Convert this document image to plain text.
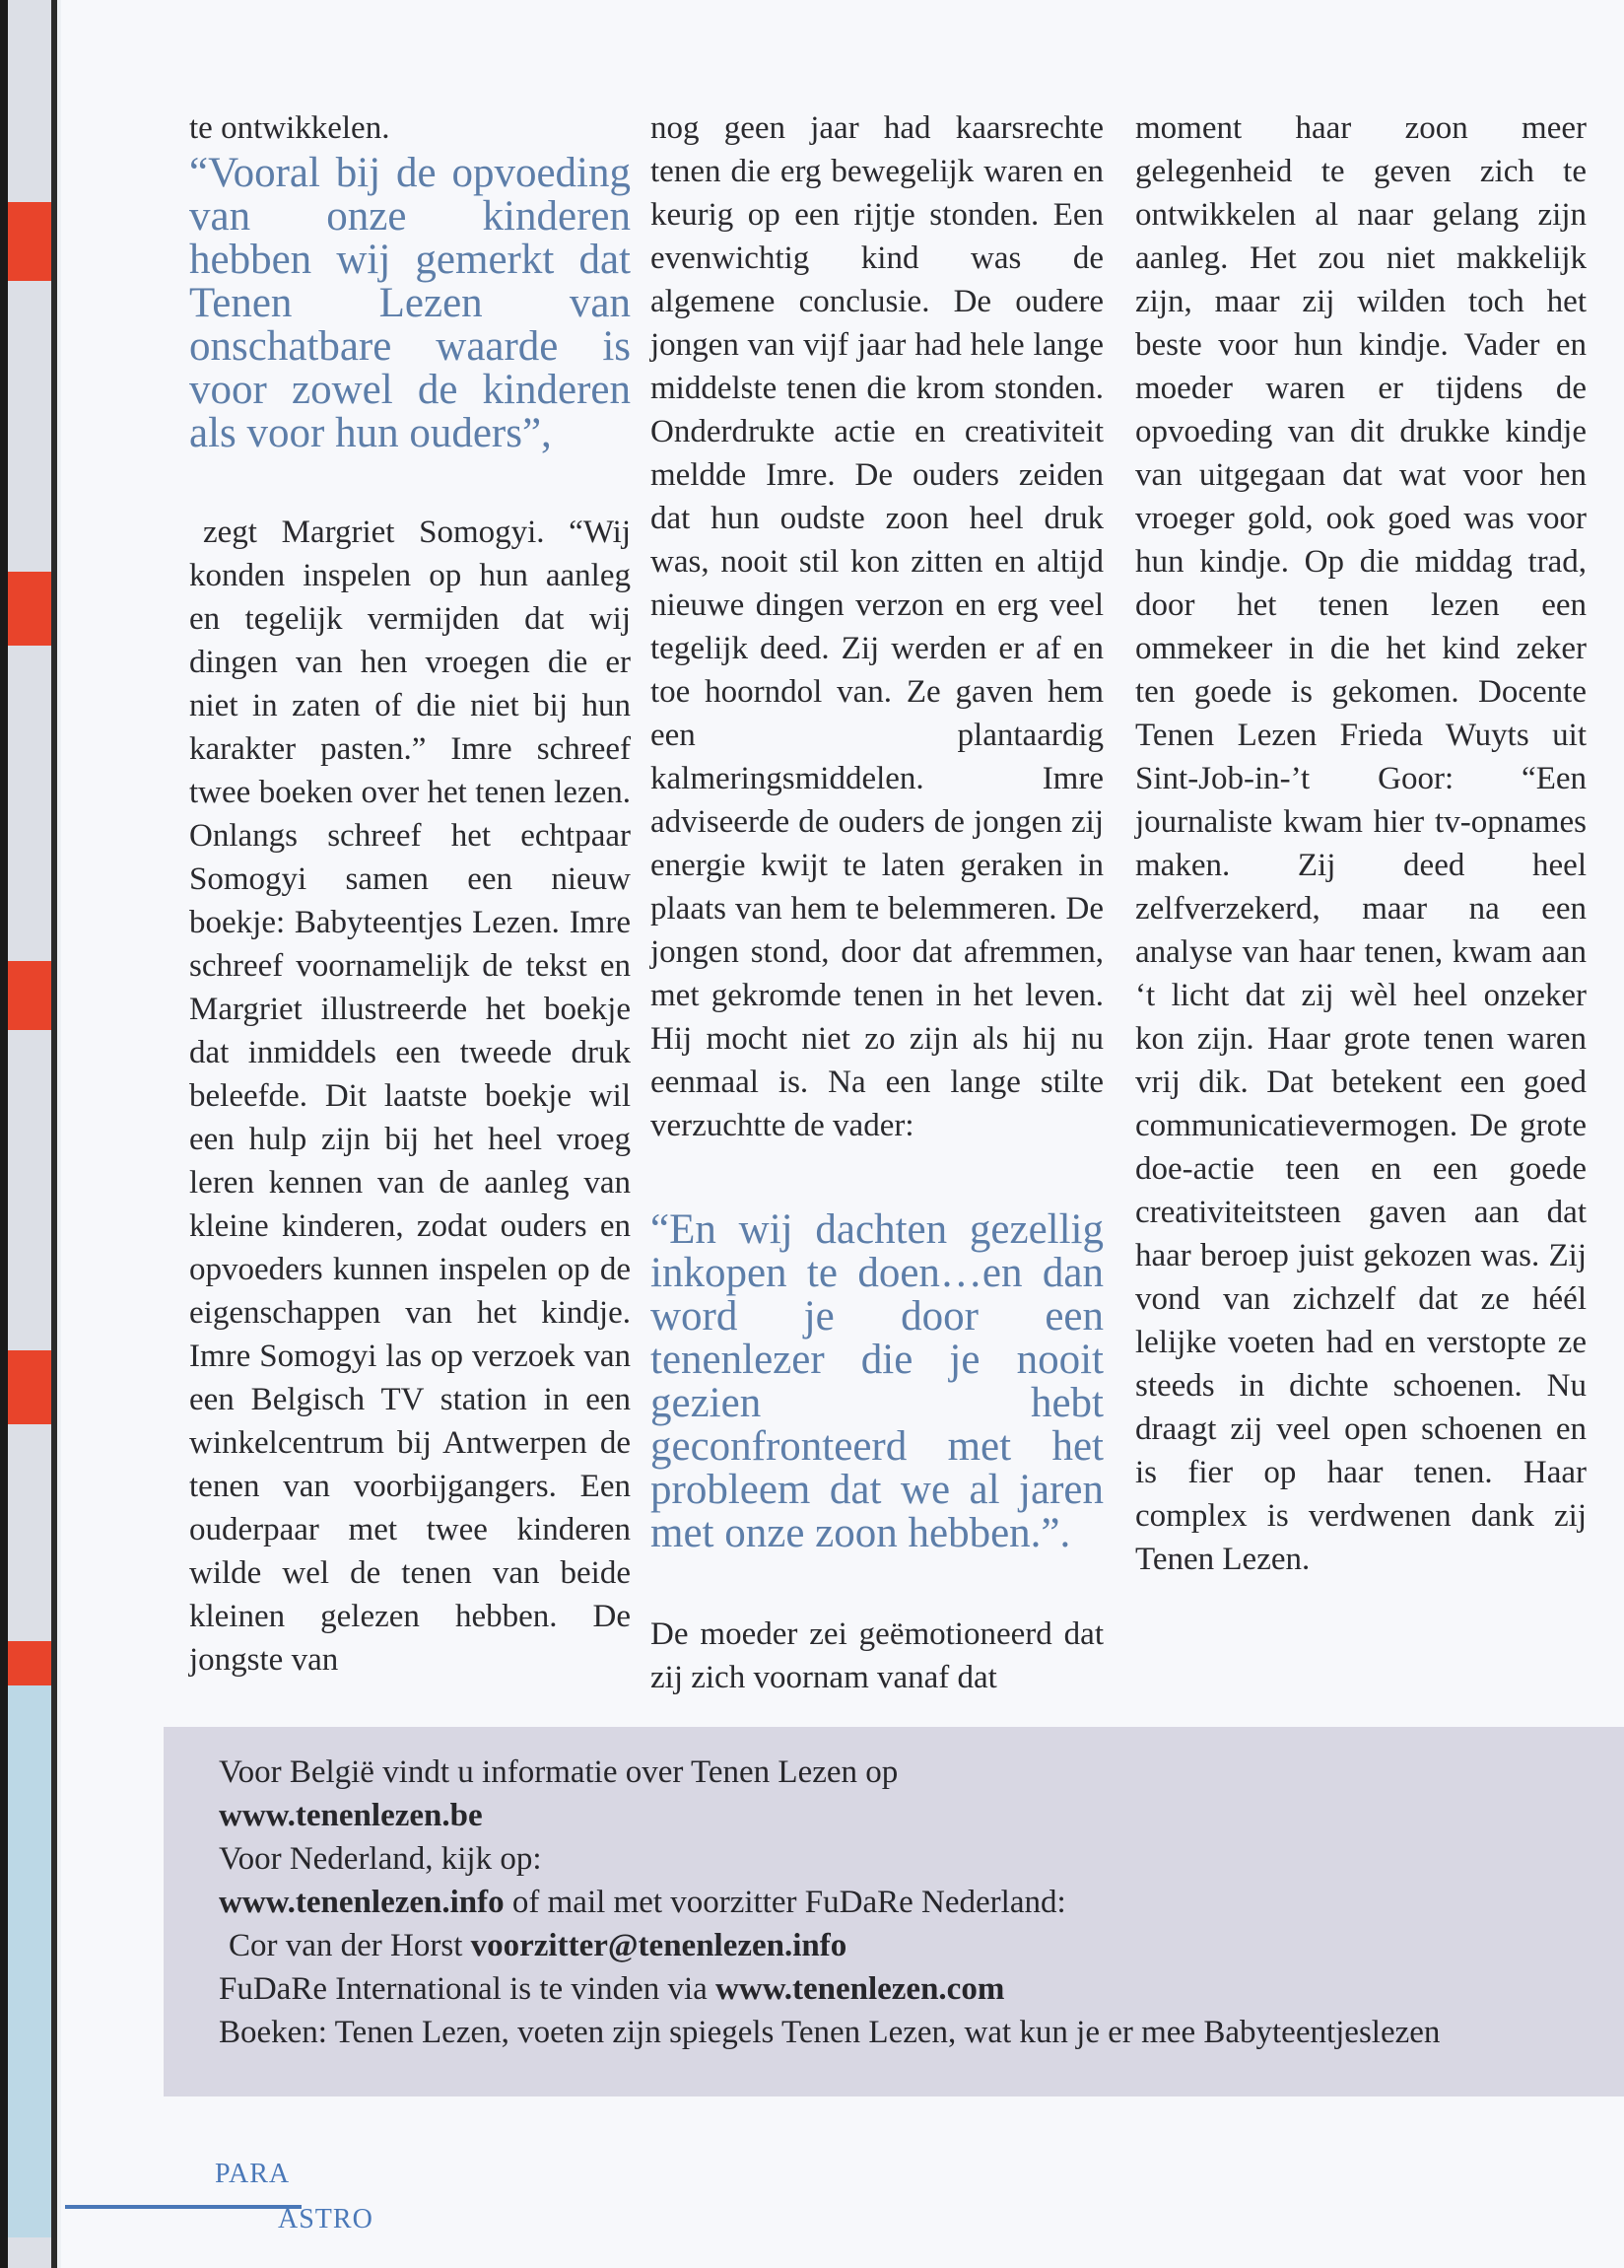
te ontwikkelen.

“Vooral bij de opvoeding van onze kinderen hebben wij gemerkt dat Tenen Lezen van onschatbare waarde is voor zowel de kinderen als voor hun ouders”,

zegt Margriet Somogyi. “Wij konden inspelen op hun aanleg en tegelijk vermijden dat wij dingen van hen vroegen die er niet in zaten of die niet bij hun karakter pasten.” Imre schreef twee boeken over het tenen lezen. Onlangs schreef het echtpaar Somogyi samen een nieuw boekje: Babyteentjes Lezen. Imre schreef voornamelijk de tekst en Margriet illustreerde het boekje dat inmiddels een tweede druk beleefde. Dit laatste boekje wil een hulp zijn bij het heel vroeg leren kennen van de aanleg van kleine kinderen, zodat ouders en opvoeders kunnen inspelen op de eigenschappen van het kindje. Imre Somogyi las op verzoek van een Belgisch TV station in een winkelcentrum bij Antwerpen de tenen van voorbijgangers. Een ouderpaar met twee kinderen wilde wel de tenen van beide kleinen gelezen hebben. De jongste van

nog geen jaar had kaarsrechte tenen die erg bewegelijk waren en keurig op een rijtje stonden. Een evenwichtig kind was de algemene conclusie. De oudere jongen van vijf jaar had hele lange middelste tenen die krom stonden. Onderdrukte actie en creativiteit meldde Imre. De ouders zeiden dat hun oudste zoon heel druk was, nooit stil kon zitten en altijd nieuwe dingen verzon en erg veel tegelijk deed. Zij werden er af en toe hoorndol van. Ze gaven hem een plantaardig kalmeringsmiddelen. Imre adviseerde de ouders de jongen zij energie kwijt te laten geraken in plaats van hem te belemmeren. De jongen stond, door dat afremmen, met gekromde tenen in het leven. Hij mocht niet zo zijn als hij nu eenmaal is. Na een lange stilte verzuchtte de vader:

“En wij dachten gezellig inkopen te doen…en dan word je door een tenenlezer die je nooit gezien hebt geconfronteerd met het probleem dat we al jaren met onze zoon hebben.”.

De moeder zei geëmotioneerd dat zij zich voornam vanaf dat

moment haar zoon meer gelegenheid te geven zich te ontwikkelen al naar gelang zijn aanleg. Het zou niet makkelijk zijn, maar zij wilden toch het beste voor hun kindje. Vader en moeder waren er tijdens de opvoeding van dit drukke kindje van uitgegaan dat wat voor hen vroeger gold, ook goed was voor hun kindje. Op die middag trad, door het tenen lezen een ommekeer in die het kind zeker ten goede is gekomen. Docente Tenen Lezen Frieda Wuyts uit Sint-Job-in-’t Goor: “Een journaliste kwam hier tv-opnames maken. Zij deed heel zelfverzekerd, maar na een analyse van haar tenen, kwam aan ‘t licht dat zij wèl heel onzeker kon zijn. Haar grote tenen waren vrij dik. Dat betekent een goed communicatievermogen. De grote doe-actie teen en een goede creativiteitsteen gaven aan dat haar beroep juist gekozen was. Zij vond van zichzelf dat ze héél lelijke voeten had en verstopte ze steeds in dichte schoenen. Nu draagt zij veel open schoenen en is fier op haar tenen. Haar complex is verdwenen dank zij Tenen Lezen.

Voor België vindt u informatie over Tenen Lezen op
www.tenenlezen.be
Voor Nederland, kijk op:
www.tenenlezen.info of mail met voorzitter FuDaRe Nederland:
Cor van der Horst voorzitter@tenenlezen.info
FuDaRe International is te vinden via www.tenenlezen.com
Boeken: Tenen Lezen, voeten zijn spiegels Tenen Lezen, wat kun je er mee Babyteentjeslezen
PARA
ASTRO
